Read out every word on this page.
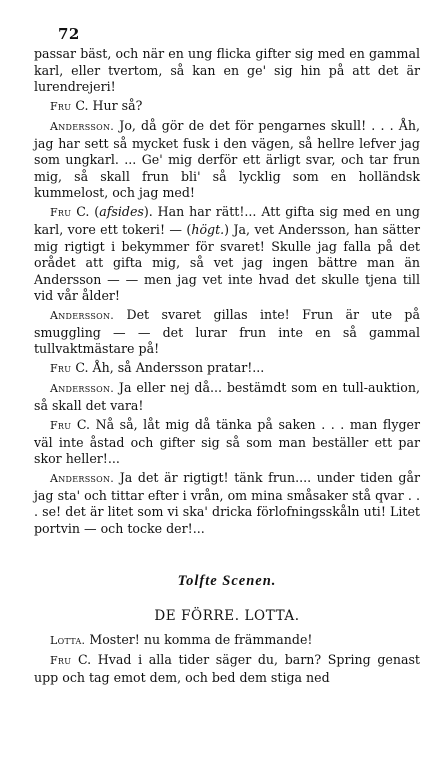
72

passar bäst, och när en ung flicka gifter sig med en gammal karl, eller tvertom, så kan en ge' sig hin på att det är lurendrejeri!

Fru C. Hur så?

Andersson. Jo, då gör de det för pengarnes skull! . . . Åh, jag har sett så mycket fusk i den vägen, så hellre lefver jag som ungkarl. ... Ge' mig derför ett ärligt svar, och tar frun mig, så skall frun bli' så lycklig som en holländsk kummelost, och jag med!

Fru C. (afsides). Han har rätt!... Att gifta sig med en ung karl, vore ett tokeri! — (högt.) Ja, vet Andersson, han sätter mig rigtigt i bekymmer för svaret! Skulle jag falla på det orådet att gifta mig, så vet jag ingen bättre man än Andersson — — men jag vet inte hvad det skulle tjena till vid vår ålder!

Andersson. Det svaret gillas inte! Frun är ute på smuggling — — det lurar frun inte en så gammal tullvaktmästare på!

Fru C. Åh, så Andersson pratar!...

Andersson. Ja eller nej då... bestämdt som en tull-auktion, så skall det vara!

Fru C. Nå så, låt mig då tänka på saken . . . man flyger väl inte åstad och gifter sig så som man beställer ett par skor heller!...

Andersson. Ja det är rigtigt! tänk frun.... under tiden går jag sta' och tittar efter i vrån, om mina småsaker stå qvar . . . se! det är litet som vi ska' dricka förlofningsskåln uti! Litet portvin — och tocke der!...

Tolfte Scenen.

DE FÖRRE. LOTTA.

Lotta. Moster! nu komma de främmande!

Fru C. Hvad i alla tider säger du, barn? Spring genast upp och tag emot dem, och bed dem stiga ned
